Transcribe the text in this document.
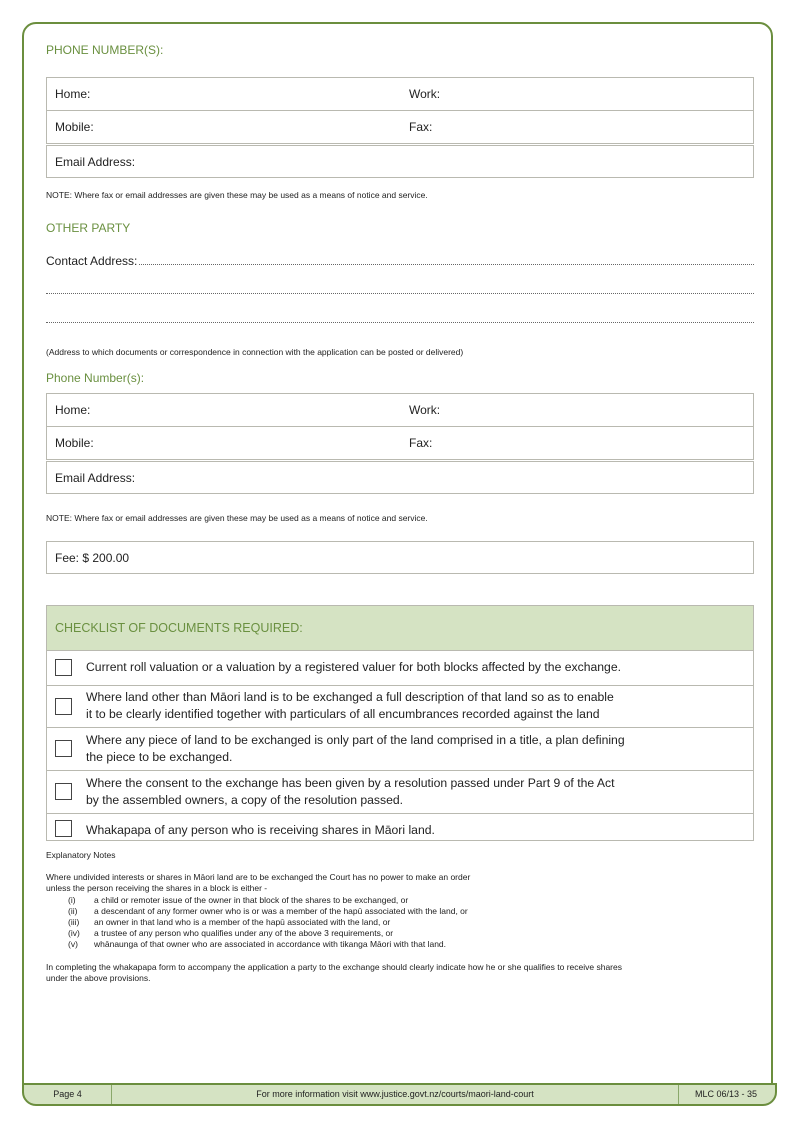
PHONE NUMBER(S):
Home:	Work:
Mobile:	Fax:
Email Address:
NOTE: Where fax or email addresses are given these may be used as a means of notice and service.
OTHER PARTY
Contact Address:
(Address to which documents or correspondence in connection with the application can be posted or delivered)
Phone Number(s):
Home:	Work:
Mobile:	Fax:
Email Address:
NOTE: Where fax or email addresses are given these may be used as a means of notice and service.
Fee: $ 200.00
CHECKLIST OF DOCUMENTS REQUIRED:
Current roll valuation or a valuation by a registered valuer for both blocks affected by the exchange.
Where land other than Māori land is to be exchanged a full description of that land so as to enable
it to be clearly identified together with particulars of all encumbrances recorded against the land
Where any piece of land to be exchanged is only part of the land comprised in a title, a plan defining
the piece to be exchanged.
Where the consent to the exchange has been given by a resolution passed under Part 9 of the Act
by the assembled owners, a copy of the resolution passed.
Whakapapa of any person who is receiving shares in Māori land.
Explanatory Notes
Where undivided interests or shares in Māori land are to be exchanged the Court has no power to make an order
unless the person receiving the shares in a block is either -
(i) a child or remoter issue of the owner in that block of the shares to be exchanged, or
(ii) a descendant of any former owner who is or was a member of the hapū associated with the land, or
(iii) an owner in that land who is a member of the hapū associated with the land, or
(iv) a trustee of any person who qualifies under any of the above 3 requirements, or
(v) whānaunga of that owner who are associated in accordance with tikanga Māori with that land.
In completing the whakapapa form to accompany the application a party to the exchange should clearly indicate how he or she qualifies to receive shares
under the above provisions.
Page 4	For more information visit www.justice.govt.nz/courts/maori-land-court	MLC 06/13 - 35
